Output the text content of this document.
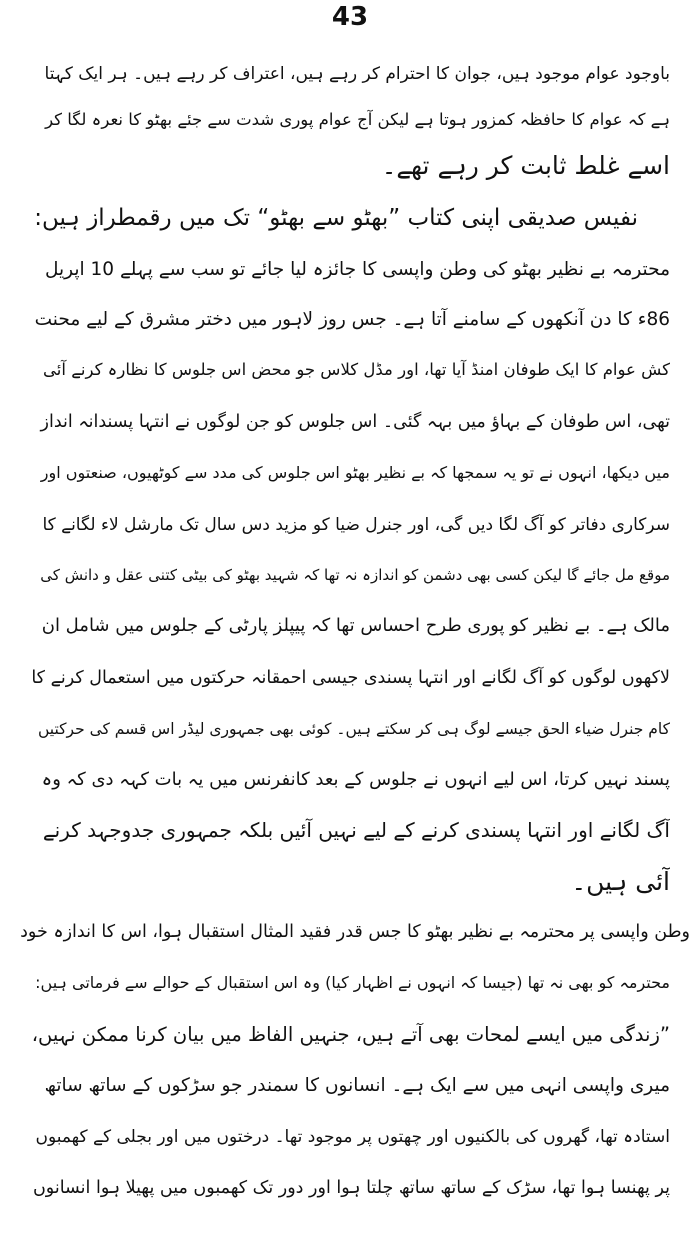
43
باوجود عوام موجود ہیں، جوان کا احترام کر رہے ہیں، اعتراف کر رہے ہیں۔ ہر ایک کہتا
ہے کہ عوام کا حافظہ کمزور ہوتا ہے لیکن آج عوام پوری شدت سے جئے بھٹو کا نعرہ لگا کر
اسے غلط ثابت کر رہے تھے۔
نفیس صدیقی اپنی کتاب ”بھٹو سے بھٹو“ تک میں رقمطراز ہیں:
محترمہ بے نظیر بھٹو کی وطن واپسی کا جائزہ لیا جائے تو سب سے پہلے 10 اپریل
86ء کا دن آنکھوں کے سامنے آتا ہے۔ جس روز لاہور میں دختر مشرق کے لیے محنت
کش عوام کا ایک طوفان امنڈ آیا تھا، اور مڈل کلاس جو محض اس جلوس کا نظارہ کرنے آئی
تھی، اس طوفان کے بہاؤ میں بہہ گئی۔ اس جلوس کو جن لوگوں نے انتہا پسندانہ انداز
میں دیکھا، انہوں نے تو یہ سمجھا کہ بے نظیر بھٹو اس جلوس کی مدد سے کوٹھیوں، صنعتوں اور
سرکاری دفاتر کو آگ لگا دیں گی، اور جنرل ضیا کو مزید دس سال تک مارشل لاء لگانے کا
موقع مل جائے گا لیکن کسی بھی دشمن کو اندازہ نہ تھا کہ شہید بھٹو کی بیٹی کتنی عقل و دانش کی
مالک ہے۔ بے نظیر کو پوری طرح احساس تھا کہ پیپلز پارٹی کے جلوس میں شامل ان
لاکھوں لوگوں کو آگ لگانے اور انتہا پسندی جیسی احمقانہ حرکتوں میں استعمال کرنے کا
کام جنرل ضیاء الحق جیسے لوگ ہی کر سکتے ہیں۔ کوئی بھی جمہوری لیڈر اس قسم کی حرکتیں
پسند نہیں کرتا، اس لیے انہوں نے جلوس کے بعد کانفرنس میں یہ بات کہہ دی کہ وہ
آگ لگانے اور انتہا پسندی کرنے کے لیے نہیں آئیں بلکہ جمہوری جدوجہد کرنے
آئی ہیں۔
وطن واپسی پر محترمہ بے نظیر بھٹو کا جس قدر فقید المثال استقبال ہوا، اس کا اندازہ خود
محترمہ کو بھی نہ تھا (جیسا کہ انہوں نے اظہار کیا) وہ اس استقبال کے حوالے سے فرماتی ہیں:
”زندگی میں ایسے لمحات بھی آتے ہیں، جنہیں الفاظ میں بیان کرنا ممکن نہیں،
میری واپسی انہی میں سے ایک ہے۔ انسانوں کا سمندر جو سڑکوں کے ساتھ ساتھ
استادہ تھا، گھروں کی بالکنیوں اور چھتوں پر موجود تھا۔ درختوں میں اور بجلی کے کھمبوں
پر پھنسا ہوا تھا، سڑک کے ساتھ ساتھ چلتا ہوا اور دور تک کھمبوں میں پھیلا ہوا انسانوں
